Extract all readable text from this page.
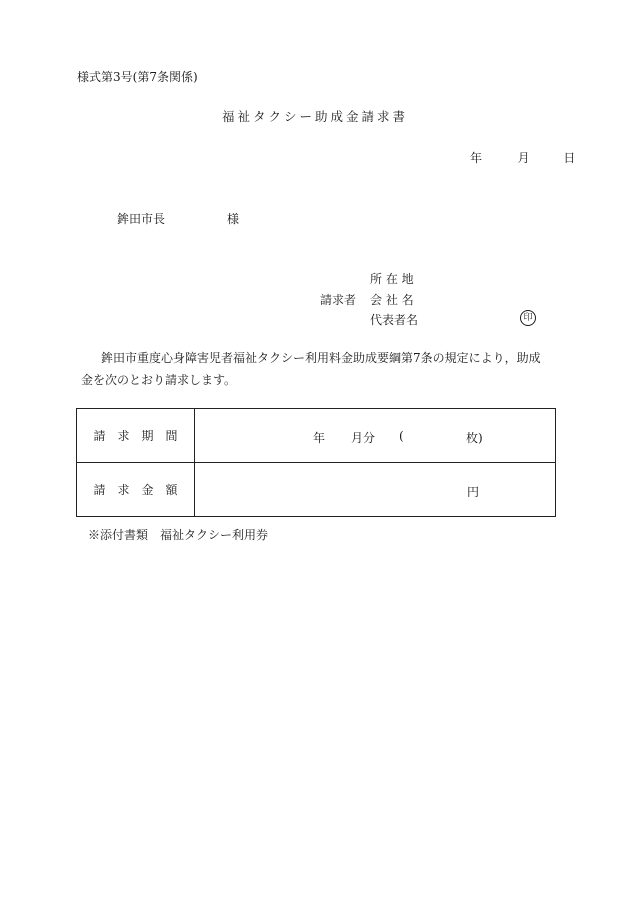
様式第3号(第7条関係)
福祉タクシー助成金請求書
年	月	日
鉾田市長	様
所 在 地
請求者 会 社 名
代表者名	印
鉾田市重度心身障害児者福祉タクシー利用料金助成要綱第7条の規定により，助成
金を次のとおり請求します。
請 求 期 間	年 月分 ( 枚)

請 求 金 額	円
※添付書類　福祉タクシー利用券
